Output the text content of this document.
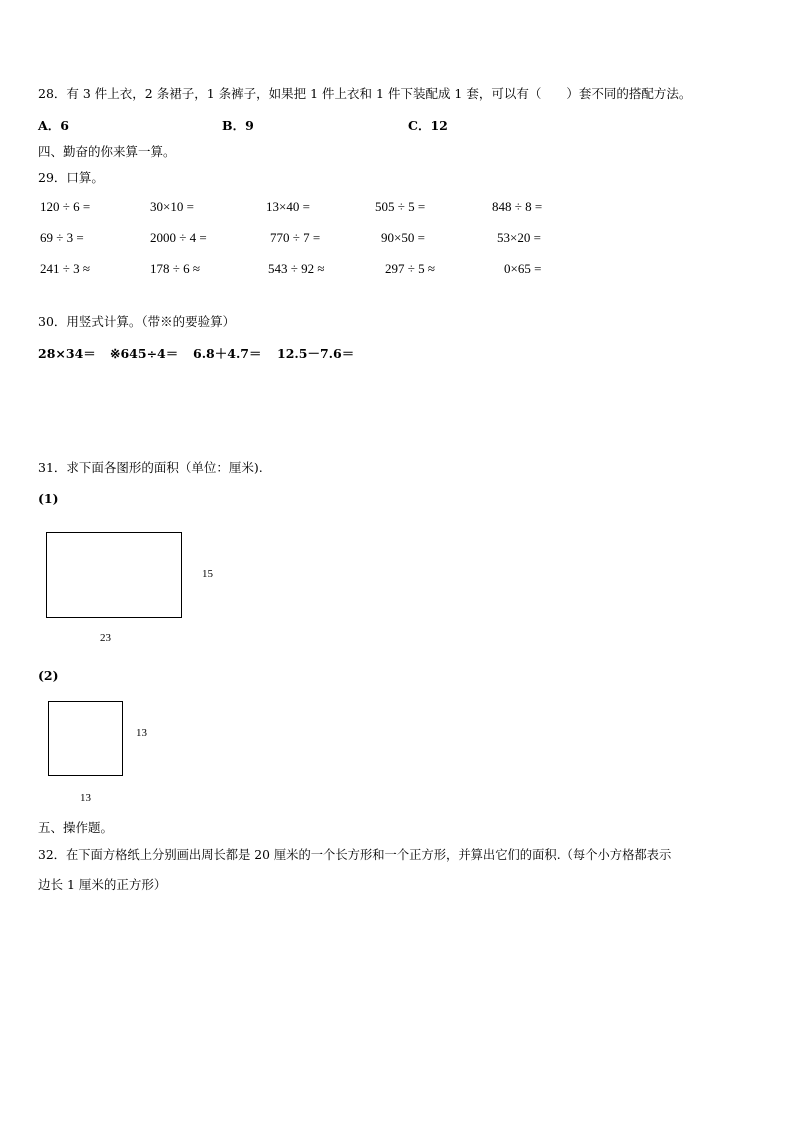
28．有 3 件上衣，2 条裙子，1 条裤子，如果把 1 件上衣和 1 件下装配成 1 套，可以有（　　）套不同的搭配方法。
A．6	B．9	C．12
四、勤奋的你来算一算。
29．口算。
120 ÷ 6 =	30×10 =	13×40 =	505 ÷ 5 =	848 ÷ 8 =
69 ÷ 3 =	2000 ÷ 4 =	770 ÷ 7 =	90×50 =	53×20 =
241 ÷ 3 ≈	178 ÷ 6 ≈	543 ÷ 92 ≈	297 ÷ 5 ≈	0×65 =
30．用竖式计算。（带※的要验算）
28×34＝ ※645÷4＝ 6.8＋4.7＝ 12.5－7.6＝
31．求下面各图形的面积（单位：厘米).
(1)
15
23
(2)
13
13
五、操作题。
32．在下面方格纸上分别画出周长都是 20 厘米的一个长方形和一个正方形，并算出它们的面积.（每个小方格都表示
边长 1 厘米的正方形）
